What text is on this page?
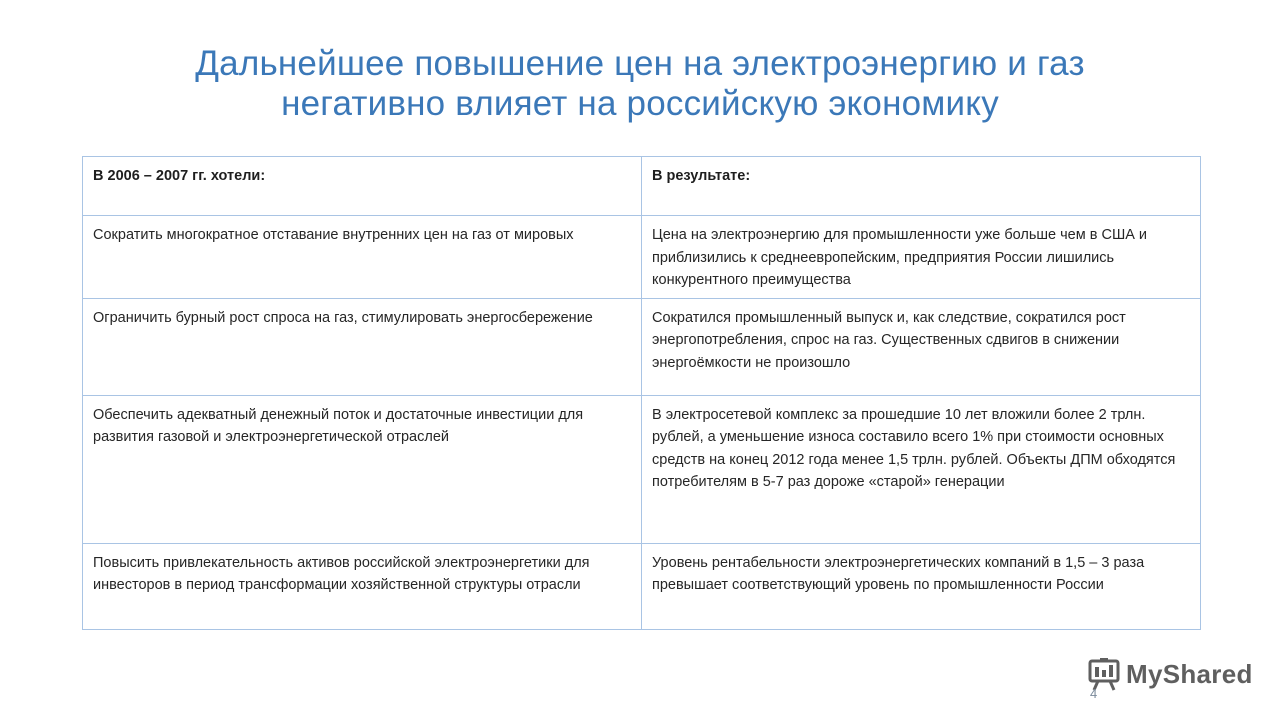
Дальнейшее повышение цен на электроэнергию и газ
негативно влияет на российскую экономику
В 2006 – 2007 гг. хотели:	В результате:
Сократить многократное отставание внутренних цен на газ от мировых	Цена на электроэнергию для промышленности уже больше чем в США и приблизились к среднеевропейским, предприятия России лишились конкурентного преимущества
Ограничить бурный рост спроса на газ, стимулировать энергосбережение	Сократился промышленный выпуск и, как следствие, сократился рост энергопотребления, спрос на газ. Существенных сдвигов в снижении энергоёмкости не произошло
Обеспечить адекватный денежный поток и достаточные инвестиции для развития газовой и электроэнергетической отраслей	В электросетевой комплекс за прошедшие 10 лет вложили более 2 трлн. рублей, а уменьшение износа составило всего 1% при стоимости основных средств на конец 2012 года менее 1,5 трлн. рублей. Объекты ДПМ обходятся потребителям в 5-7 раз дороже «старой» генерации
Повысить привлекательность активов российской электроэнергетики для инвесторов в период трансформации хозяйственной структуры отрасли	Уровень рентабельности электроэнергетических компаний в 1,5 – 3 раза превышает соответствующий уровень по промышленности России
MyShared
4
